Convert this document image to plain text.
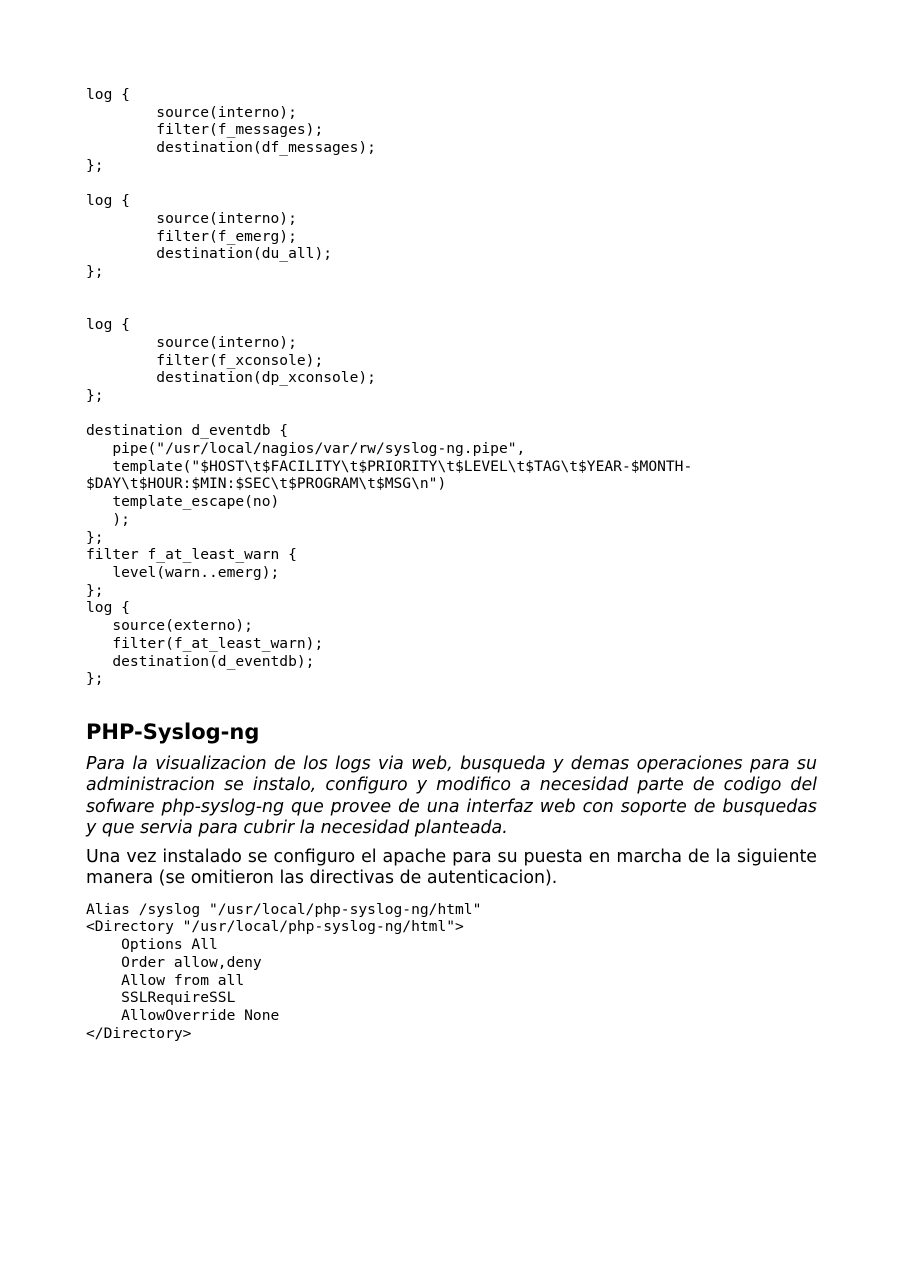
log {
source(interno);
filter(f_messages);
destination(df_messages);
};

log {
source(interno);
filter(f_emerg);
destination(du_all);
};

log {
source(interno);
filter(f_xconsole);
destination(dp_xconsole);
};

destination d_eventdb {
pipe("/usr/local/nagios/var/rw/syslog-ng.pipe",
template("$HOST\t$FACILITY\t$PRIORITY\t$LEVEL\t$TAG\t$YEAR-$MONTH-
$DAY\t$HOUR:$MIN:$SEC\t$PROGRAM\t$MSG\n")
template_escape(no)
);
};
filter f_at_least_warn {
level(warn..emerg);
};
log {
source(externo);
filter(f_at_least_warn);
destination(d_eventdb);
};
PHP-Syslog-ng

Para la visualizacion de los logs via web, busqueda y demas operaciones para su administracion se instalo, configuro y modifico a necesidad parte de codigo del sofware php-syslog-ng que provee de una interfaz web con soporte de busquedas y que servia para cubrir la necesidad planteada.

Una vez instalado se configuro el apache para su puesta en marcha de la siguiente manera (se omitieron las directivas de autenticacion).

Alias /syslog "/usr/local/php-syslog-ng/html"
<Directory "/usr/local/php-syslog-ng/html">
Options All
Order allow,deny
Allow from all
SSLRequireSSL
AllowOverride None
</Directory>
